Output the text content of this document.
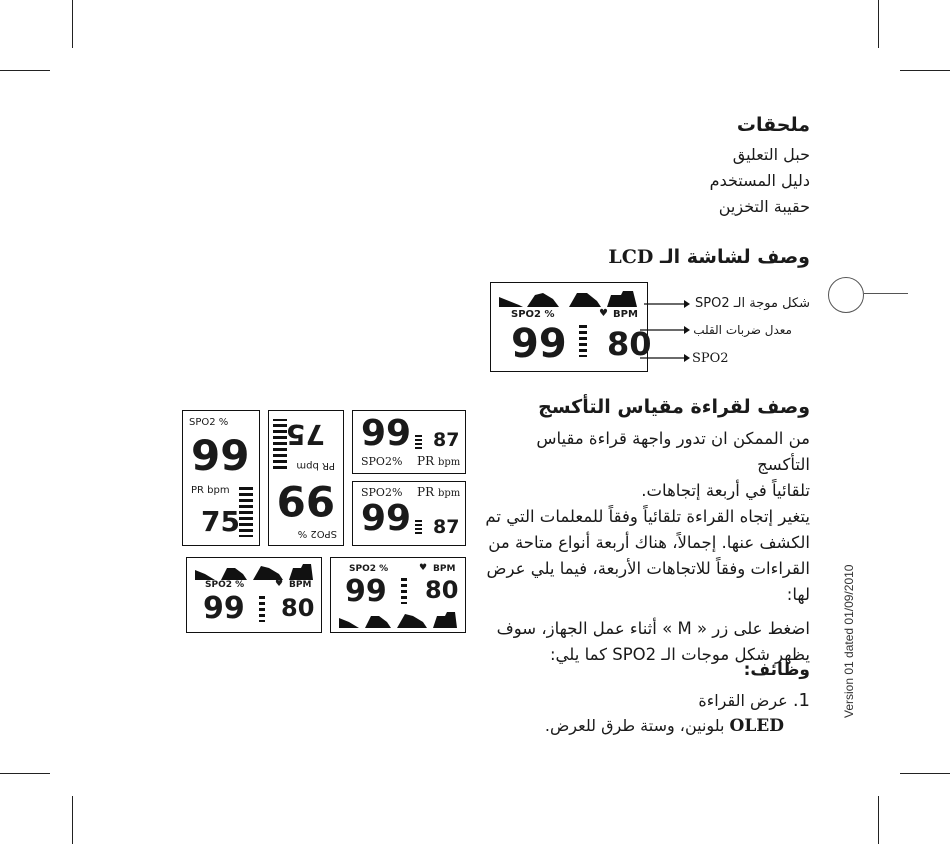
Version 01 dated 01/09/2010
ملحقات
حبل التعليق
دليل المستخدم
حقيبة التخزين
وصف لشاشة الـ LCD
SPO2 %	♥ BPM
99 80
شكل موجة الـ SPO2
معدل ضربات القلب
SPO2
وصف لقراءة مقياس التأكسج
من الممكن ان تدور واجهة قراءة مقياس التأكسج
تلقائياً في أربعة إتجاهات.
يتغير إتجاه القراءة تلقائياً وفقاً للمعلمات التي تم
الكشف عنها. إجمالاً، هناك أربعة أنواع متاحة من
القراءات وفقاً للاتجاهات الأربعة، فيما يلي عرض
لها:
اضغط على زر « M » أثناء عمل الجهاز، سوف
يظهر شكل موجات الـ SPO2 كما يلي:
وظائف:
1. عرض القراءة
OLED بلونين، وستة طرق للعرض.
SPO2 %
99
PR bpm
75	SPO2 %
99
PR bpm
75 99 87
SPO2% PR bpm
SPO2% PR bpm
99 87
SPO2 %	♥ BPM
99 80
SPO2 %	♥ BPM
99 80
